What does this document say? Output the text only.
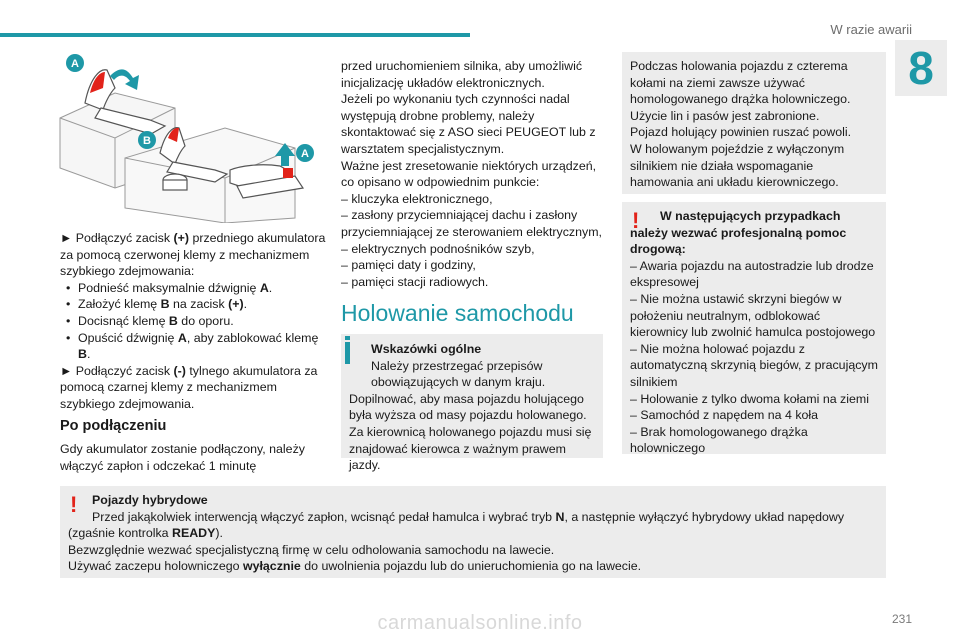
W razie awarii
8
A
B
A

► Podłączyć zacisk (+) przedniego akumulatora za pomocą czerwonej klemy z mechanizmem szybkiego zdejmowania:

• Podnieść maksymalnie dźwignię A.

• Założyć klemę B na zacisk (+).

• Docisnąć klemę B do oporu.

• Opuścić dźwignię A, aby zablokować klemę B.

► Podłączyć zacisk (-) tylnego akumulatora za pomocą czarnej klemy z mechanizmem szybkiego zdejmowania.

Po podłączeniu
Gdy akumulator zostanie podłączony, należy włączyć zapłon i odczekać 1 minutę

przed uruchomieniem silnika, aby umożliwić inicjalizację układów elektronicznych.

Jeżeli po wykonaniu tych czynności nadal występują drobne problemy, należy skontaktować się z ASO sieci PEUGEOT lub z warsztatem specjalistycznym.

Ważne jest zresetowanie niektórych urządzeń, co opisano w odpowiednim punkcie:

– kluczyka elektronicznego,

– zasłony przyciemniającej dachu i zasłony przyciemniającej ze sterowaniem elektrycznym,

– elektrycznych podnośników szyb,

– pamięci daty i godziny,

– pamięci stacji radiowych.

Holowanie samochodu

Wskazówki ogólne

Należy przestrzegać przepisów obowiązujących w danym kraju.

Dopilnować, aby masa pojazdu holującego była wyższa od masy pojazdu holowanego.

Za kierownicą holowanego pojazdu musi się znajdować kierowca z ważnym prawem jazdy.

Podczas holowania pojazdu z czterema kołami na ziemi zawsze używać homologowanego drążka holowniczego.

Użycie lin i pasów jest zabronione.

Pojazd holujący powinien ruszać powoli.

W holowanym pojeździe z wyłączonym silnikiem nie działa wspomaganie hamowania ani układu kierowniczego.

!	W następujących przypadkach należy wezwać profesjonalną pomoc drogową:

– Awaria pojazdu na autostradzie lub drodze ekspresowej

– Nie można ustawić skrzyni biegów w położeniu neutralnym, odblokować kierownicy lub zwolnić hamulca postojowego

– Nie można holować pojazdu z automatyczną skrzynią biegów, z pracującym silnikiem

– Holowanie z tylko dwoma kołami na ziemi

– Samochód z napędem na 4 koła

– Brak homologowanego drążka holowniczego

!	Pojazdy hybrydowe

Przed jakąkolwiek interwencją włączyć zapłon, wcisnąć pedał hamulca i wybrać tryb N, a następnie wyłączyć hybrydowy układ napędowy (zgaśnie kontrolka READY).

Bezwzględnie wezwać specjalistyczną firmę w celu odholowania samochodu na lawecie.

Używać zaczepu holowniczego wyłącznie do uwolnienia pojazdu lub do unieruchomienia go na lawecie.

carmanualsonline.info	231
